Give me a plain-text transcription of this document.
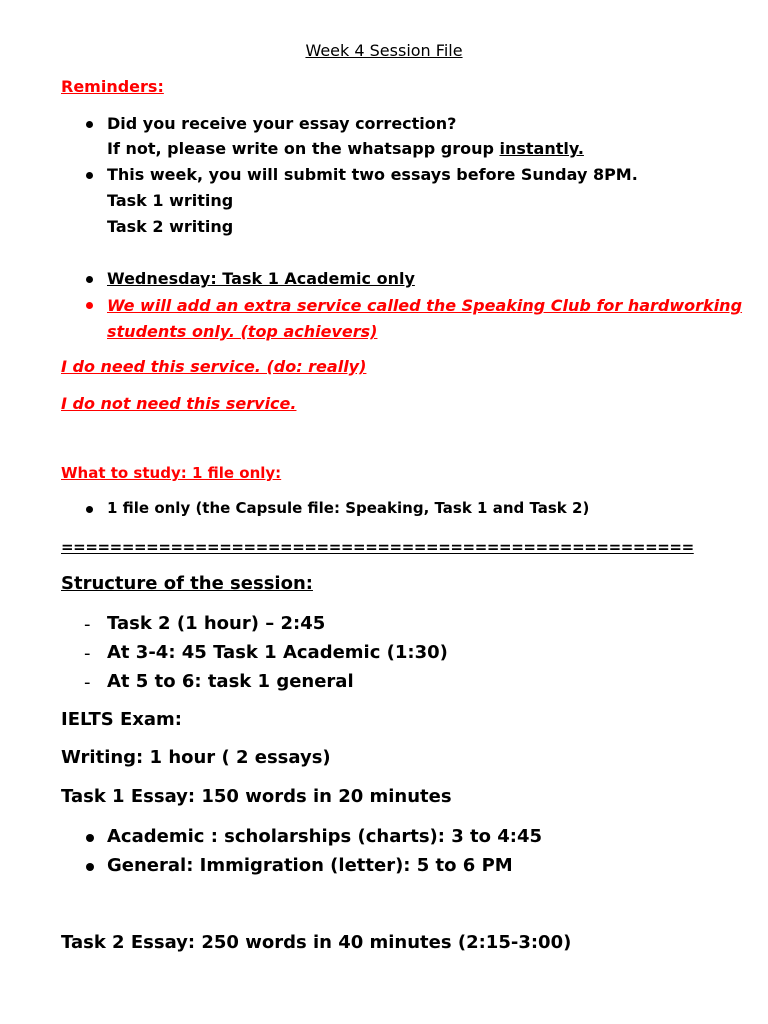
Week 4 Session File
Reminders:
Did you receive your essay correction?
If not, please write on the whatsapp group instantly.
This week, you will submit two essays before Sunday 8PM.
Task 1 writing
Task 2 writing
Wednesday: Task 1 Academic only
We will add an extra service called the Speaking Club for hardworking
students only. (top achievers)
I do need this service. (do: really)
I do not need this service.
What to study: 1 file only:
1 file only (the Capsule file: Speaking, Task 1 and Task 2)
====================================================
Structure of the session:
- Task 2 (1 hour) – 2:45
- At 3-4: 45 Task 1 Academic (1:30)
- At 5 to 6: task 1 general
IELTS Exam:
Writing: 1 hour ( 2 essays)
Task 1 Essay: 150 words in 20 minutes
Academic : scholarships (charts): 3 to 4:45
General: Immigration (letter): 5 to 6 PM
Task 2 Essay: 250 words in 40 minutes (2:15-3:00)
